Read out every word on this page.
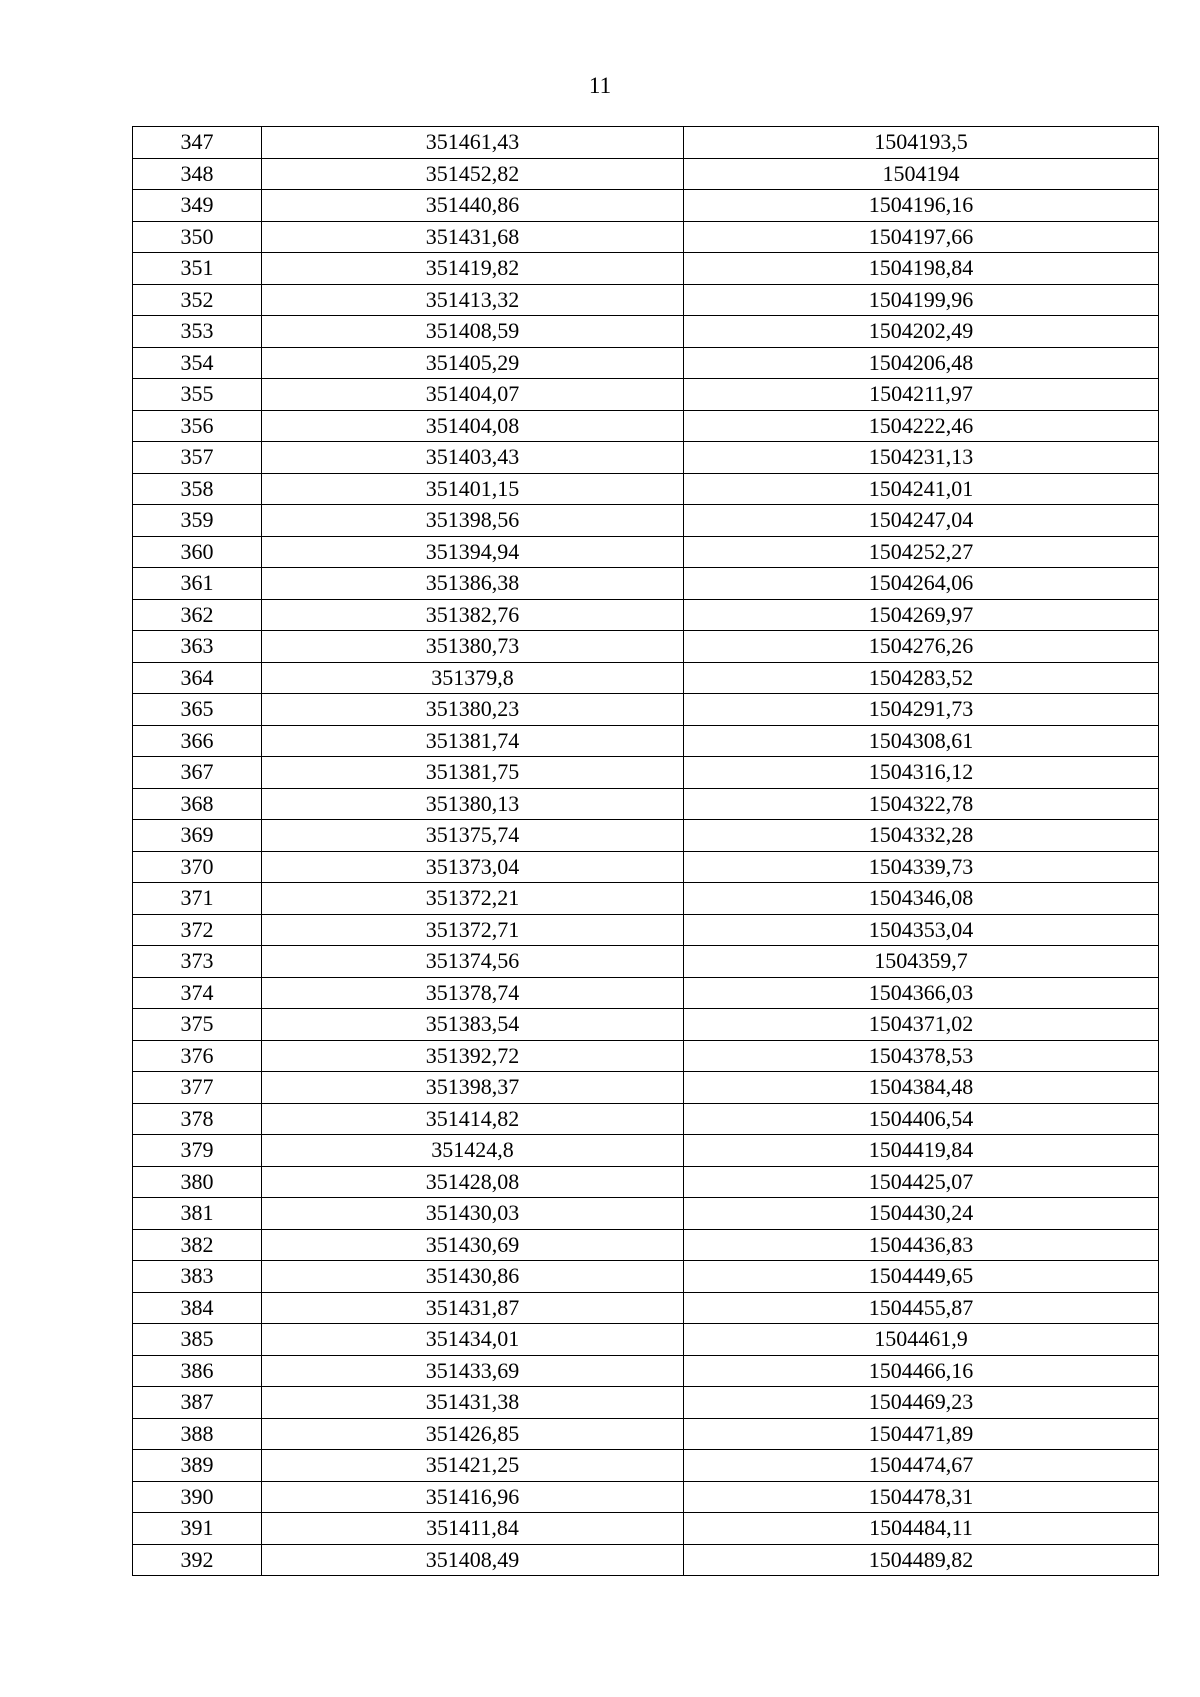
11
347	351461,43	1504193,5
348	351452,82	1504194
349	351440,86	1504196,16
350	351431,68	1504197,66
351	351419,82	1504198,84
352	351413,32	1504199,96
353	351408,59	1504202,49
354	351405,29	1504206,48
355	351404,07	1504211,97
356	351404,08	1504222,46
357	351403,43	1504231,13
358	351401,15	1504241,01
359	351398,56	1504247,04
360	351394,94	1504252,27
361	351386,38	1504264,06
362	351382,76	1504269,97
363	351380,73	1504276,26
364	351379,8	1504283,52
365	351380,23	1504291,73
366	351381,74	1504308,61
367	351381,75	1504316,12
368	351380,13	1504322,78
369	351375,74	1504332,28
370	351373,04	1504339,73
371	351372,21	1504346,08
372	351372,71	1504353,04
373	351374,56	1504359,7
374	351378,74	1504366,03
375	351383,54	1504371,02
376	351392,72	1504378,53
377	351398,37	1504384,48
378	351414,82	1504406,54
379	351424,8	1504419,84
380	351428,08	1504425,07
381	351430,03	1504430,24
382	351430,69	1504436,83
383	351430,86	1504449,65
384	351431,87	1504455,87
385	351434,01	1504461,9
386	351433,69	1504466,16
387	351431,38	1504469,23
388	351426,85	1504471,89
389	351421,25	1504474,67
390	351416,96	1504478,31
391	351411,84	1504484,11
392	351408,49	1504489,82
